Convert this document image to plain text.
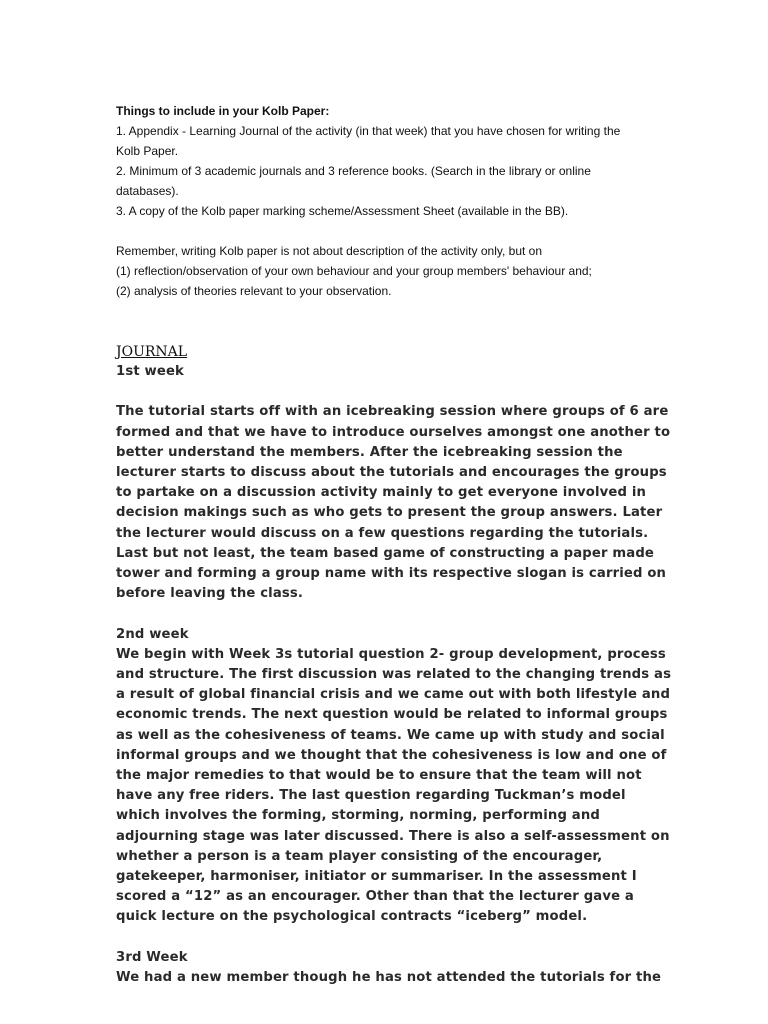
Things to include in your Kolb Paper:
1. Appendix - Learning Journal of the activity (in that week) that you have chosen for writing the
Kolb Paper.
2. Minimum of 3 academic journals and 3 reference books. (Search in the library or online
databases).
3. A copy of the Kolb paper marking scheme/Assessment Sheet (available in the BB).
Remember, writing Kolb paper is not about description of the activity only, but on
(1) reflection/observation of your own behaviour and your group members' behaviour and;
(2) analysis of theories relevant to your observation.

JOURNAL

1st week

The tutorial starts off with an icebreaking session where groups of 6 are
formed and that we have to introduce ourselves amongst one another to
better understand the members. After the icebreaking session the
lecturer starts to discuss about the tutorials and encourages the groups
to partake on a discussion activity mainly to get everyone involved in
decision makings such as who gets to present the group answers. Later
the lecturer would discuss on a few questions regarding the tutorials.
Last but not least, the team based game of constructing a paper made
tower and forming a group name with its respective slogan is carried on
before leaving the class.

2nd week

We begin with Week 3s tutorial question 2- group development, process
and structure. The first discussion was related to the changing trends as
a result of global financial crisis and we came out with both lifestyle and
economic trends. The next question would be related to informal groups
as well as the cohesiveness of teams. We came up with study and social
informal groups and we thought that the cohesiveness is low and one of
the major remedies to that would be to ensure that the team will not
have any free riders. The last question regarding Tuckman’s model
which involves the forming, storming, norming, performing and
adjourning stage was later discussed. There is also a self-assessment on
whether a person is a team player consisting of the encourager,
gatekeeper, harmoniser, initiator or summariser. In the assessment I
scored a “12” as an encourager. Other than that the lecturer gave a
quick lecture on the psychological contracts “iceberg” model.

3rd Week

We had a new member though he has not attended the tutorials for the
